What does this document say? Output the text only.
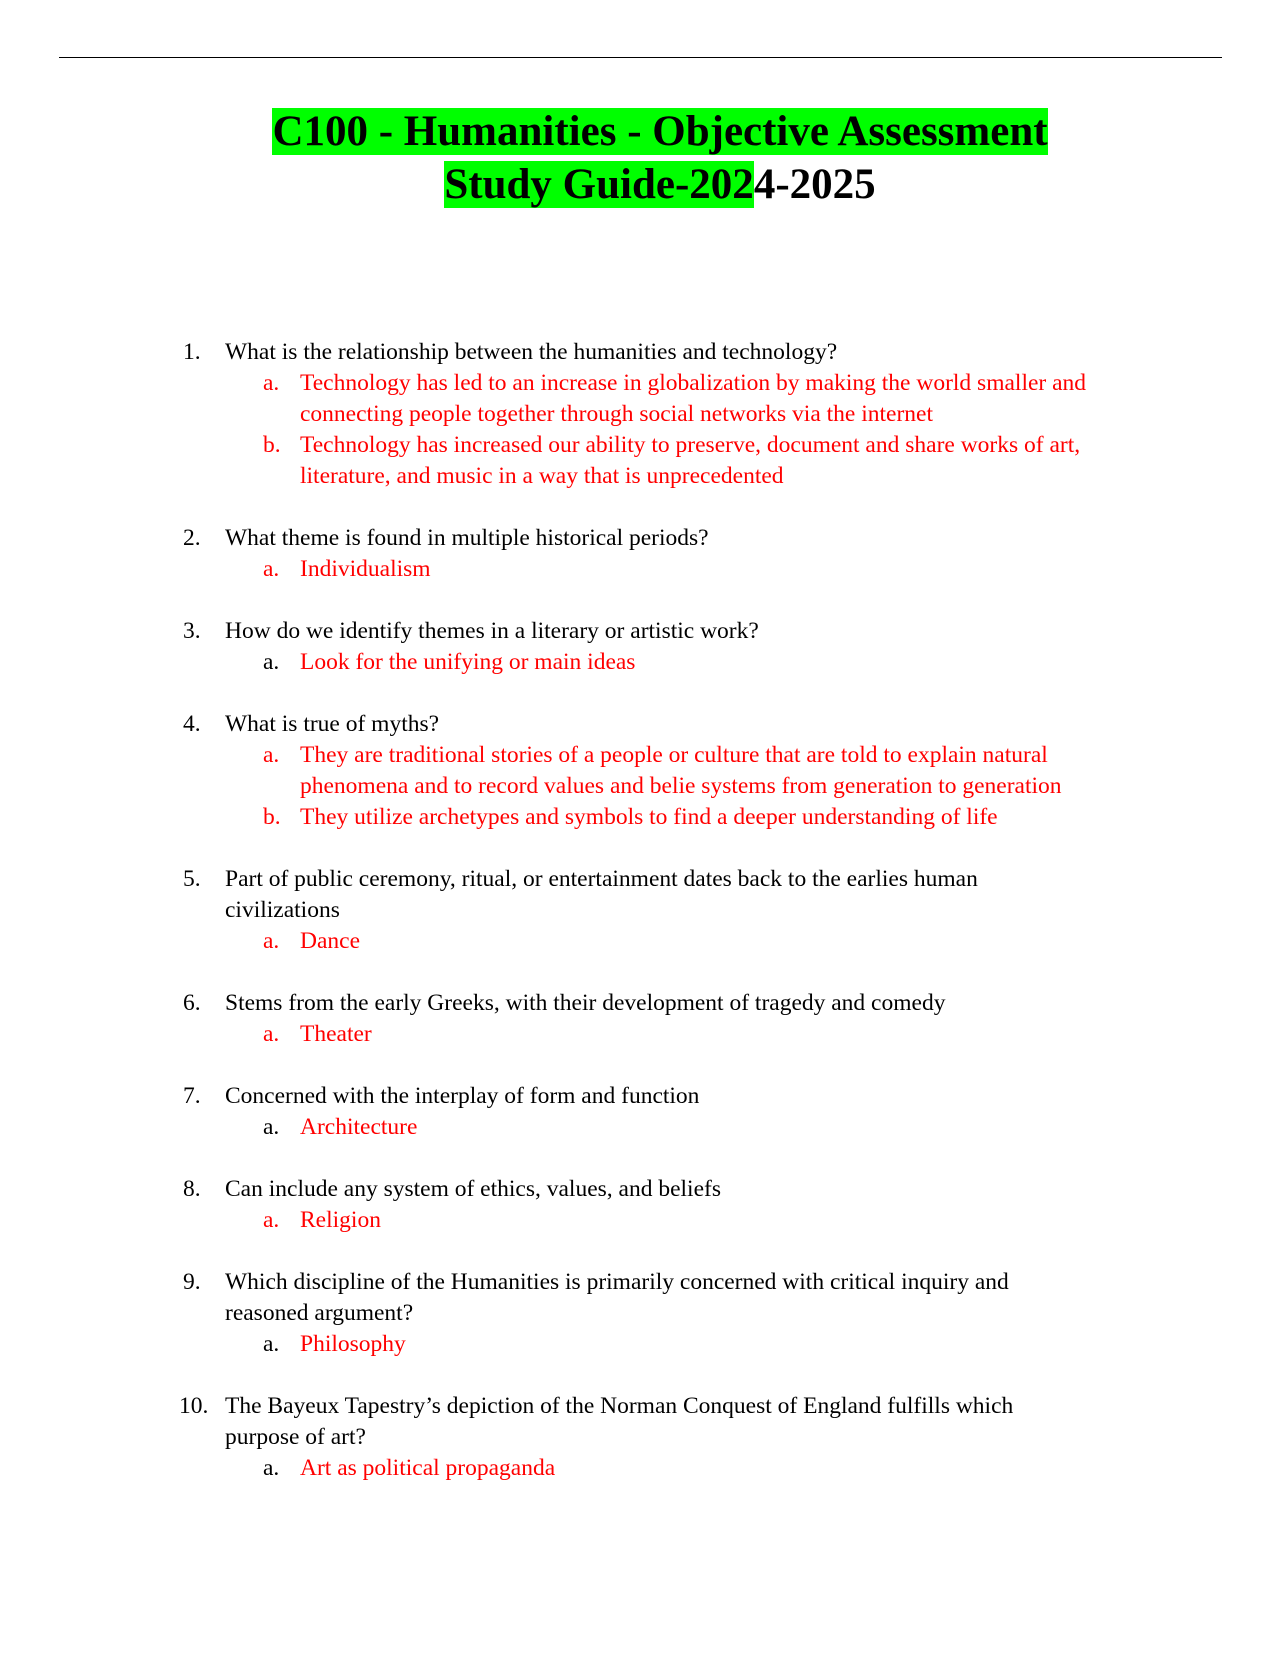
C100 - Humanities - Objective Assessment
Study Guide-2024-2025
1.	What is the relationship between the humanities and technology?
a. Technology has led to an increase in globalization by making the world smaller and connecting people together through social networks via the internet
b. Technology has increased our ability to preserve, document and share works of art, literature, and music in a way that is unprecedented
2.	What theme is found in multiple historical periods?
a. Individualism
3.	How do we identify themes in a literary or artistic work?
a. Look for the unifying or main ideas
4.	What is true of myths?
a. They are traditional stories of a people or culture that are told to explain natural phenomena and to record values and belie systems from generation to generation
b. They utilize archetypes and symbols to find a deeper understanding of life
5.	Part of public ceremony, ritual, or entertainment dates back to the earlies human civilizations
a. Dance
6.	Stems from the early Greeks, with their development of tragedy and comedy
a. Theater
7.	Concerned with the interplay of form and function
a. Architecture
8.	Can include any system of ethics, values, and beliefs
a. Religion
9.	Which discipline of the Humanities is primarily concerned with critical inquiry and reasoned argument?
a. Philosophy
10. The Bayeux Tapestry’s depiction of the Norman Conquest of England fulfills which purpose of art?
a. Art as political propaganda
